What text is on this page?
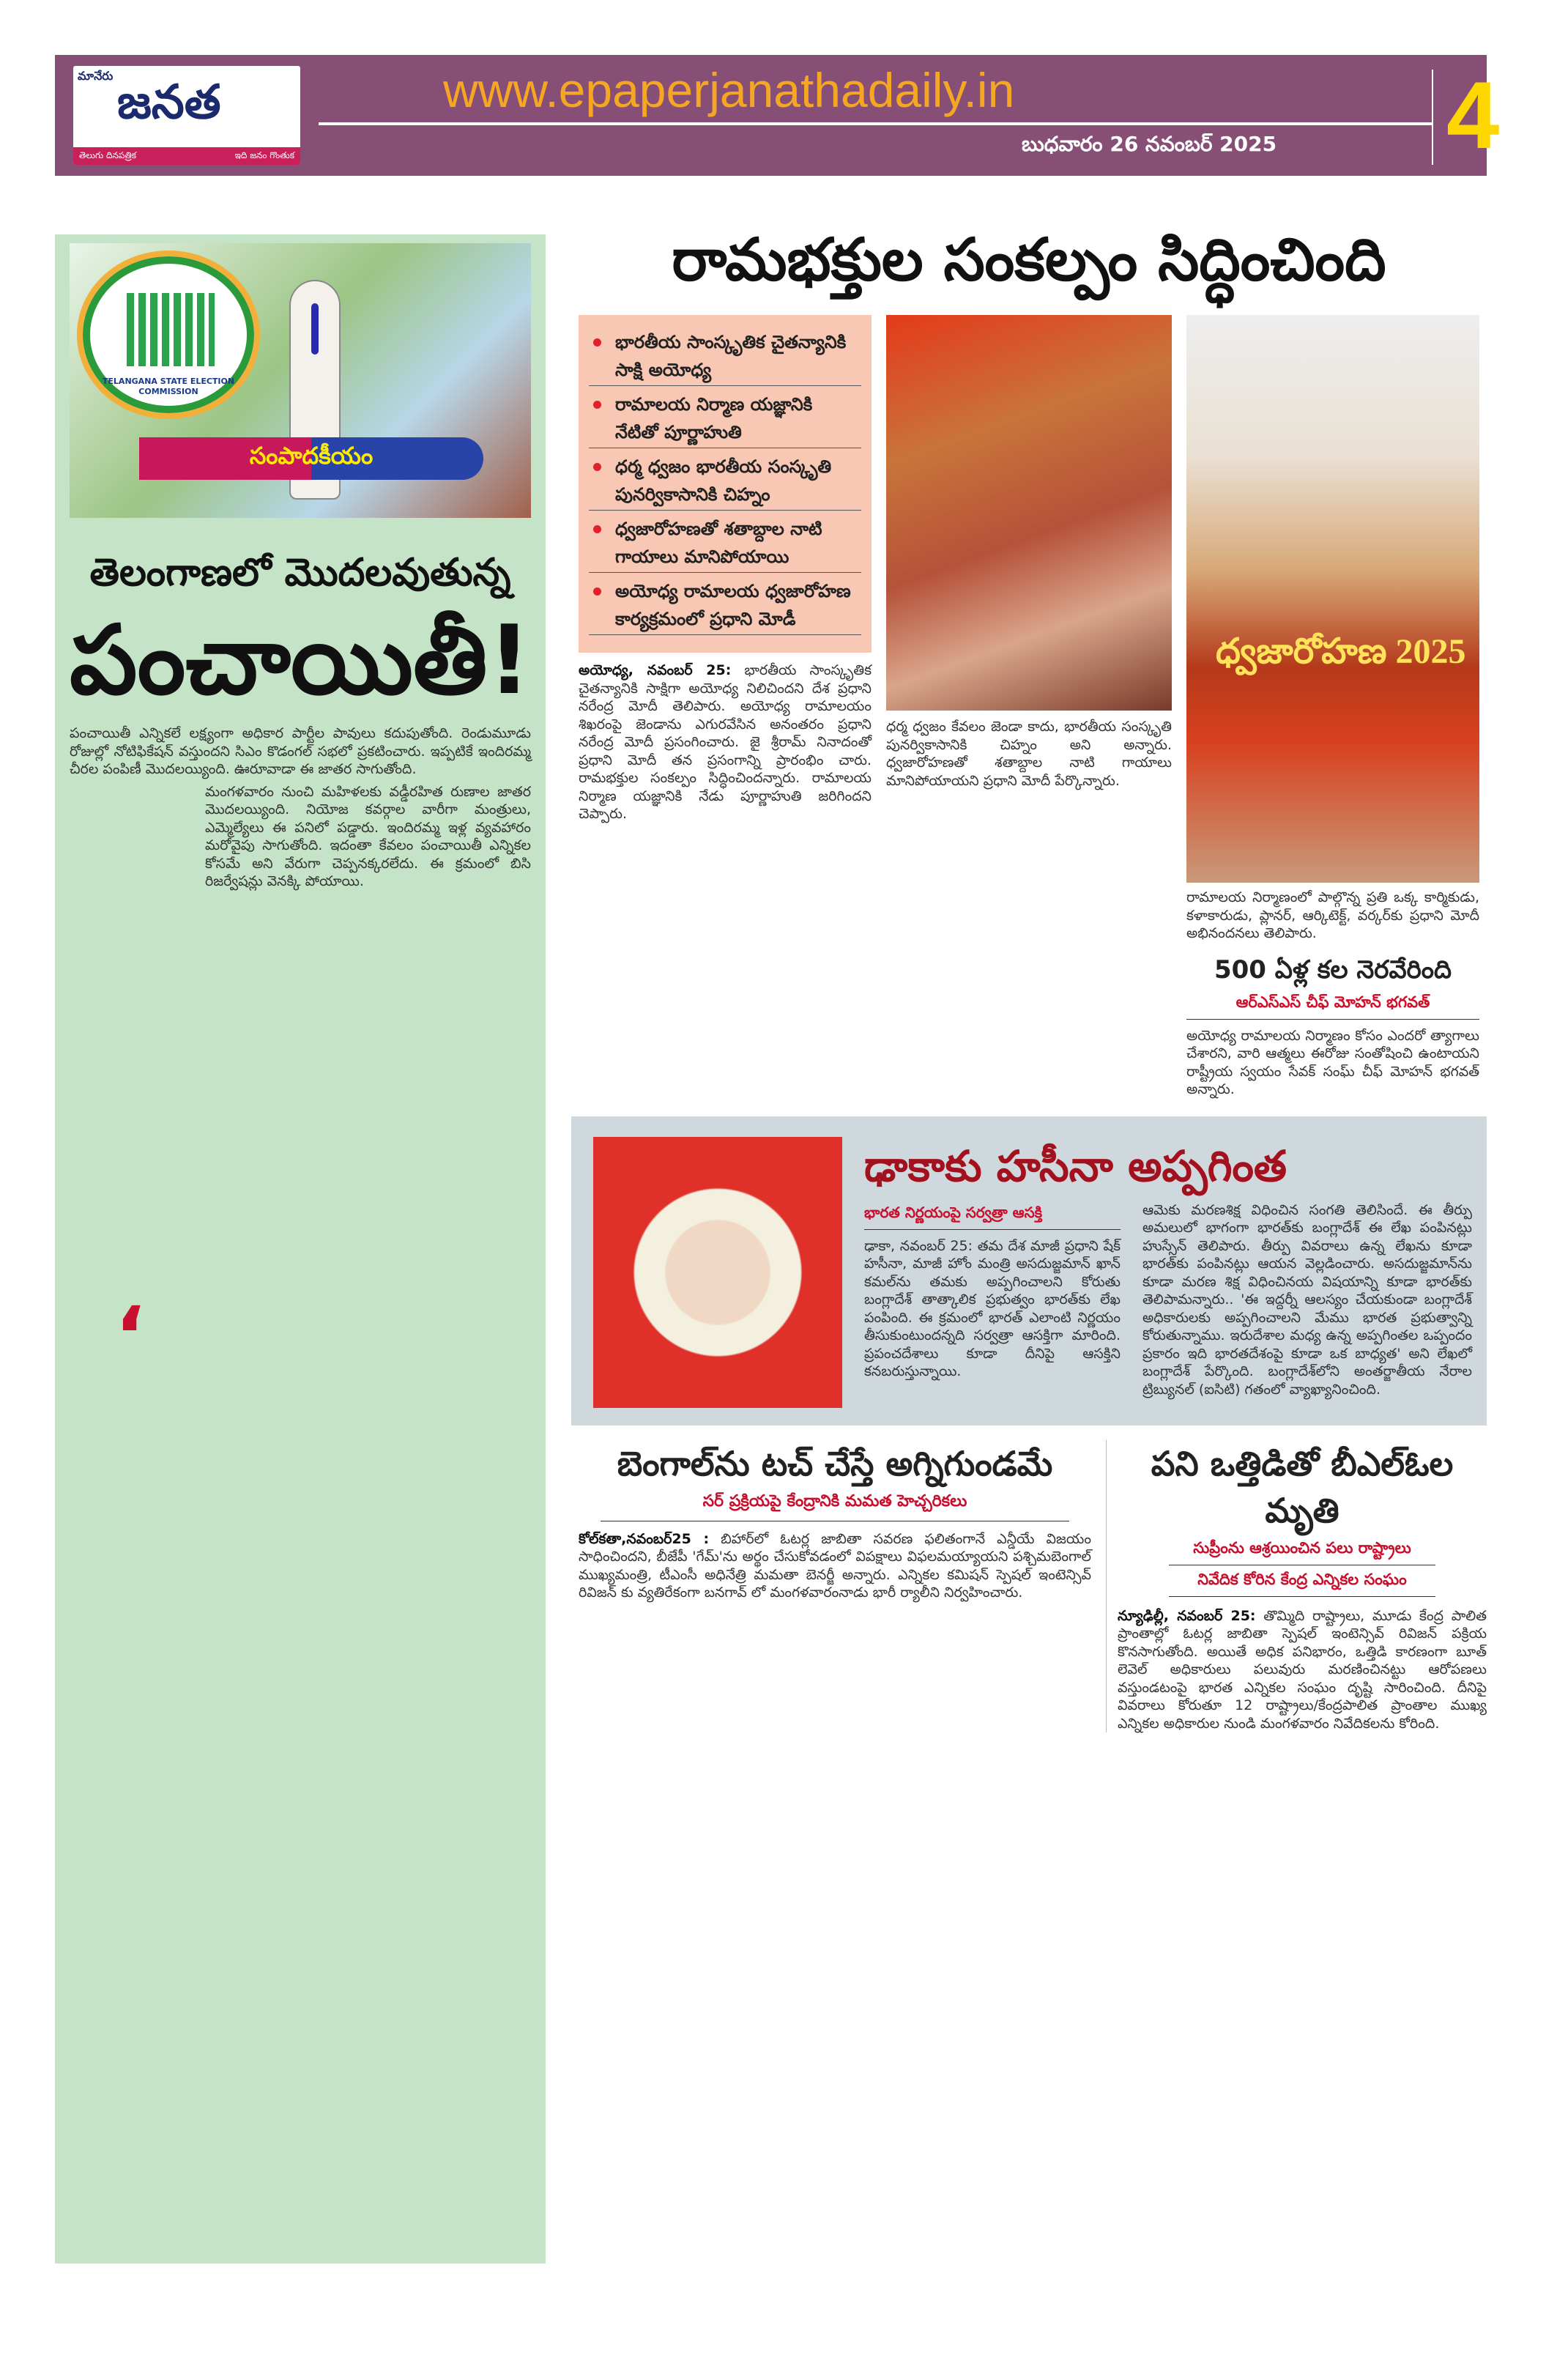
మానేరు జనత
తెలుగు దినపత్రిక	ఇది జనం గొంతుక
www.epaperjanathadaily.in
బుధవారం 26 నవంబర్ 2025 4
TELANGANA STATE ELECTION COMMISSION
సంపాదకీయం
తెలంగాణలో మొదలవుతున్న
పంచాయితీ!

పంచాయితీ ఎన్నికలే లక్ష్యంగా అధికార పార్టీల పావులు కదుపుతోంది. రెండుమూడు రోజుల్లో నోటిఫికేషన్ వస్తుందని సిఎం కొడంగల్ సభలో ప్రకటించారు. ఇప్పటికే ఇందిరమ్మ చీరల పంపిణీ మొదలయ్యింది. ఊరూవాడా ఈ జాతర సాగుతోంది.

‘

మంగళవారం నుంచి మహిళలకు వడ్డీరహిత రుణాల జాతర మొదలయ్యింది. నియోజ కవర్గాల వారీగా మంత్రులు, ఎమ్మెల్యేలు ఈ పనిలో పడ్డారు. ఇందిరమ్మ ఇళ్ల వ్యవహారం మరోవైపు సాగుతోంది. ఇదంతా కేవలం పంచాయితీ ఎన్నికల కోసమే అని వేరుగా చెప్పనక్కరలేదు. ఈ క్రమంలో బిసి రిజర్వేషన్లు వెనక్కి పోయాయి.

రామభక్తుల సంకల్పం సిద్ధించింది
భారతీయ సాంస్కృతిక చైతన్యానికి సాక్షి అయోధ్య
రామాలయ నిర్మాణ యజ్ఞానికి నేటితో పూర్ణాహుతి
ధర్మ ధ్వజం భారతీయ సంస్కృతి పునర్వికాసానికి చిహ్నం
ధ్వజారోహణతో శతాబ్దాల నాటి గాయాలు మానిపోయాయి
అయోధ్య రామాలయ ధ్వజారోహణ కార్యక్రమంలో ప్రధాని మోడీ

అయోధ్య, నవంబర్ 25: భారతీయ సాంస్కృతిక చైతన్యానికి సాక్షిగా అయోధ్య నిలిచిందని దేశ ప్రధాని నరేంద్ర మోదీ తెలిపారు. అయోధ్య రామాలయం శిఖరంపై జెండాను ఎగురవేసిన అనంతరం ప్రధాని నరేంద్ర మోదీ ప్రసంగించారు. జై శ్రీరామ్ నినాదంతో ప్రధాని మోదీ తన ప్రసంగాన్ని ప్రారంభిం చారు. రామభక్తుల సంకల్పం సిద్ధించిందన్నారు. రామాలయ నిర్మాణ యజ్ఞానికి నేడు పూర్ణాహుతి జరిగిందని చెప్పారు.

ధర్మ ధ్వజం కేవలం జెండా కాదు, భారతీయ సంస్కృతి పునర్వికాసానికి చిహ్నం అని అన్నారు. ధ్వజారోహణతో శతాబ్దాల నాటి గాయాలు మానిపోయాయని ప్రధాని మోదీ పేర్కొన్నారు.

ధ్వజారోహణ 2025

రామాలయ నిర్మాణంలో పాల్గొన్న ప్రతి ఒక్క కార్మికుడు, కళాకారుడు, ప్లానర్, ఆర్కిటెక్ట్, వర్కర్‌కు ప్రధాని మోదీ అభినందనలు తెలిపారు.

500 ఏళ్ల కల నెరవేరింది
ఆర్‌ఎస్‌ఎస్ చీఫ్ మోహన్ భగవత్

అయోధ్య రామాలయ నిర్మాణం కోసం ఎందరో త్యాగాలు చేశారని, వారి ఆత్మలు ఈరోజు సంతోషించి ఉంటాయని రాష్ట్రీయ స్వయం సేవక్ సంఘ్ చీఫ్ మోహన్ భగవత్ అన్నారు.

ఢాకాకు హసీనా అప్పగింత
భారత నిర్ణయంపై సర్వత్రా ఆసక్తి

ఢాకా, నవంబర్ 25: తమ దేశ మాజీ ప్రధాని షేక్ హసీనా, మాజీ హోం మంత్రి అసదుజ్జమాన్ ఖాన్ కమల్‌ను తమకు అప్పగించాలని కోరుతు బంగ్లాదేశ్ తాత్కాలిక ప్రభుత్వం భారత్‌కు లేఖ పంపింది. ఈ క్రమంలో భారత్ ఎలాంటి నిర్ణయం తీసుకుంటుందన్నది సర్వత్రా ఆసక్తిగా మారింది. ప్రపంచదేశాలు కూడా దీనిపై ఆసక్తిని కనబరుస్తున్నాయి.

ఆమెకు మరణశిక్ష విధించిన సంగతి తెలిసిందే. ఈ తీర్పు అమలులో భాగంగా భారత్‌కు బంగ్లాదేశ్ ఈ లేఖ పంపినట్లు హుస్సేన్ తెలిపారు. తీర్పు వివరాలు ఉన్న లేఖను కూడా భారత్‌కు పంపినట్లు ఆయన వెల్లడించారు. అసదుజ్జమాన్‌ను కూడా మరణ శిక్ష విధించినయ విషయాన్ని కూడా భారత్‌కు తెలిపామన్నారు.. 'ఈ ఇద్దర్నీ ఆలస్యం చేయకుండా బంగ్లాదేశ్ అధికారులకు అప్పగించాలని మేము భారత ప్రభుత్వాన్ని కోరుతున్నాము. ఇరుదేశాల మధ్య ఉన్న అప్పగింతల ఒప్పందం ప్రకారం ఇది భారతదేశంపై కూడా ఒక బాధ్యత' అని లేఖలో బంగ్లాదేశ్ పేర్కొంది. బంగ్లాదేశ్‌లోని అంతర్జాతీయ నేరాల ట్రిబ్యునల్ (ఐసిటి) గతంలో వ్యాఖ్యానించింది.

బెంగాల్‌ను టచ్ చేస్తే అగ్నిగుండమే
సర్ ప్రక్రియపై కేంద్రానికి మమత హెచ్చరికలు

కోల్‌కతా,నవంబర్25 : బిహార్‌లో ఓటర్ల జాబితా సవరణ ఫలితంగానే ఎన్డీయే విజయం సాధించిందని, బీజేపీ 'గేమ్'ను అర్థం చేసుకోవడంలో విపక్షాలు విఫలమయ్యాయని పశ్చిమబెంగాల్ ముఖ్యమంత్రి, టీఎంసీ అధినేత్రి మమతా బెనర్జీ అన్నారు. ఎన్నికల కమిషన్ స్పెషల్ ఇంటెన్సివ్ రివిజన్ కు వ్యతిరేకంగా బనగావ్ లో మంగళవారంనాడు భారీ ర్యాలీని నిర్వహించారు.

పని ఒత్తిడితో బీఎల్ఓల మృతి
సుప్రీంను ఆశ్రయించిన పలు రాష్ట్రాలు
నివేదిక కోరిన కేంద్ర ఎన్నికల సంఘం

న్యూఢిల్లీ, నవంబర్ 25: తొమ్మిది రాష్ట్రాలు, మూడు కేంద్ర పాలిత ప్రాంతాల్లో ఓటర్ల జాబితా స్పెషల్ ఇంటెన్సివ్ రివిజన్ పక్రియ కొనసాగుతోంది. అయితే అధిక పనిభారం, ఒత్తిడి కారణంగా బూత్ లెవెల్ అధికారులు పలువురు మరణించినట్టు ఆరోపణలు వస్తుండటంపై భారత ఎన్నికల సంఘం దృష్టి సారించింది. దీనిపై వివరాలు కోరుతూ 12 రాష్ట్రాలు/కేంద్రపాలిత ప్రాంతాల ముఖ్య ఎన్నికల అధికారుల నుండి మంగళవారం నివేదికలను కోరింది.
